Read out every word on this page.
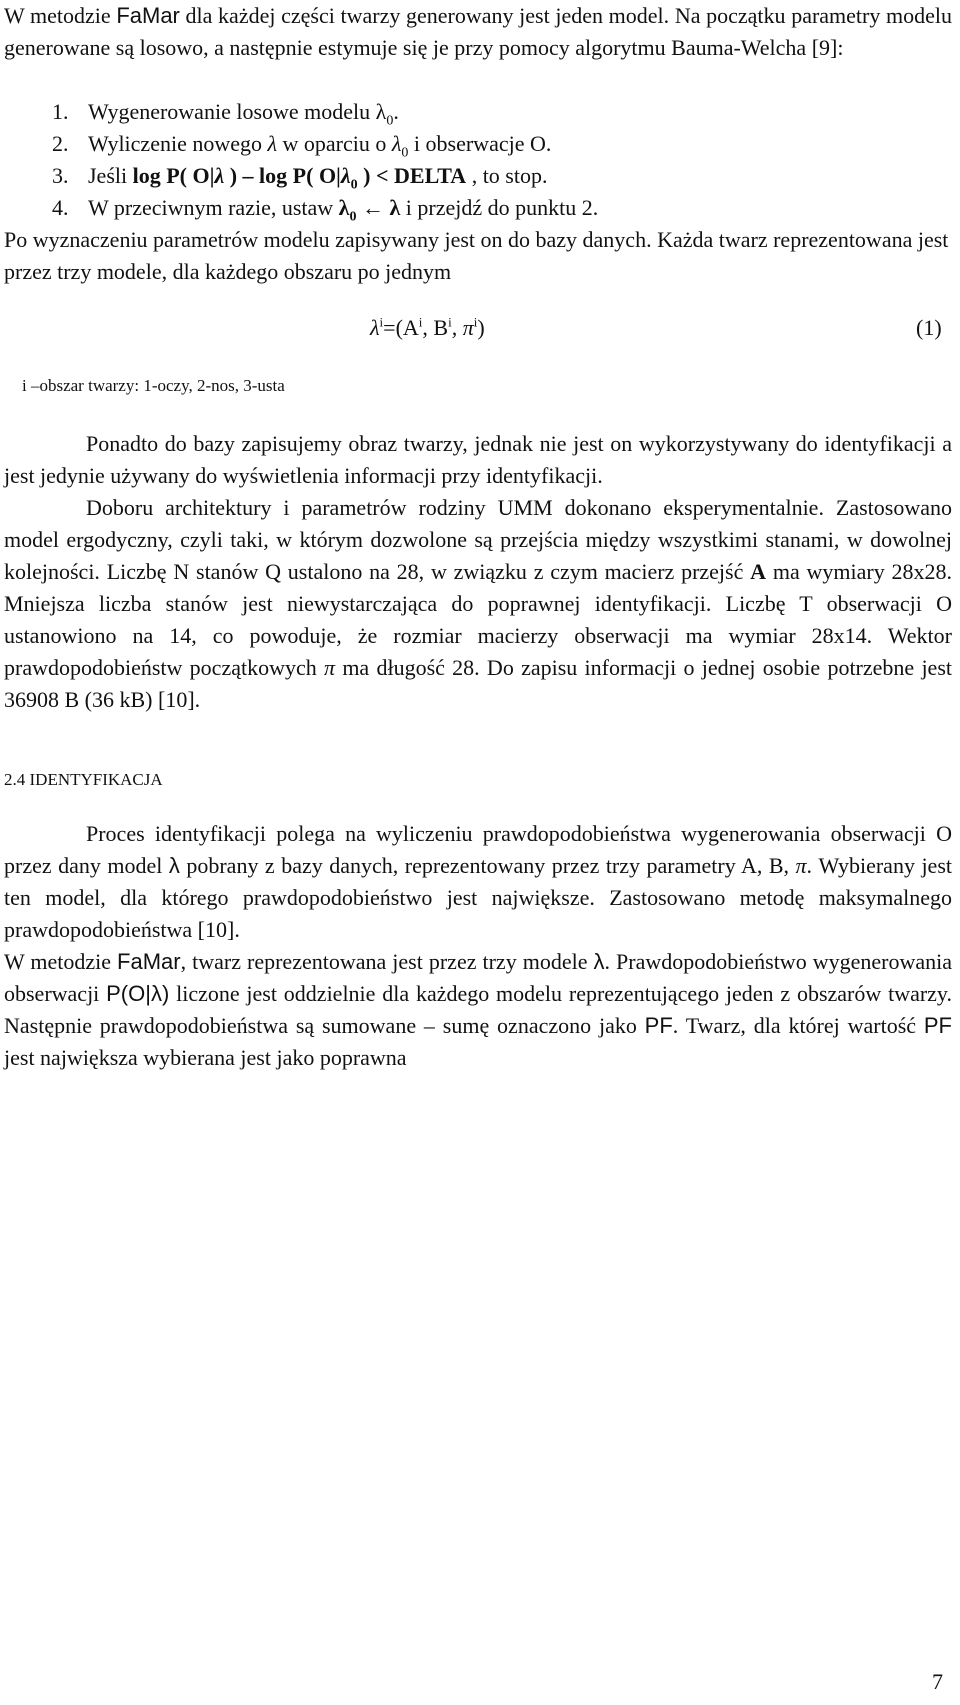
W metodzie FaMar dla każdej części twarzy generowany jest jeden model. Na początku parametry modelu generowane są losowo, a następnie estymuje się je przy pomocy algorytmu Bauma-Welcha [9]:

1. Wygenerowanie losowe modelu $\lambda_0$.
2. Wyliczenie nowego λ w oparciu o $\lambda_0$ i obserwacje O.
3. Jeśli log P( O|λ ) – log P( $O|\lambda_0$ ) < DELTA , to stop.
4. W przeciwnym razie, ustaw $\lambda_0$ ← λ i przejdź do punktu 2.

Po wyznaczeniu parametrów modelu zapisywany jest on do bazy danych. Każda twarz reprezentowana jest przez trzy modele, dla każdego obszaru po jednym

$\lambda^i=(A^i$, $B^i$, $\pi^i$)	(1)
i –obszar twarzy: 1-oczy, 2-nos, 3-usta

Ponadto do bazy zapisujemy obraz twarzy, jednak nie jest on wykorzystywany do identyfikacji a jest jedynie używany do wyświetlenia informacji przy identyfikacji.

Doboru architektury i parametrów rodziny UMM dokonano eksperymentalnie. Zastosowano model ergodyczny, czyli taki, w którym dozwolone są przejścia między wszystkimi stanami, w dowolnej kolejności. Liczbę N stanów Q ustalono na 28, w związku z czym macierz przejść A ma wymiary 28x28. Mniejsza liczba stanów jest niewystarczająca do poprawnej identyfikacji. Liczbę T obserwacji O ustanowiono na 14, co powoduje, że rozmiar macierzy obserwacji ma wymiar 28x14. Wektor prawdopodobieństw początkowych π ma długość 28. Do zapisu informacji o jednej osobie potrzebne jest 36908 B (36 kB) [10].

2.4 IDENTYFIKACJA

Proces identyfikacji polega na wyliczeniu prawdopodobieństwa wygenerowania obserwacji O przez dany model λ pobrany z bazy danych, reprezentowany przez trzy parametry A, B, π. Wybierany jest ten model, dla którego prawdopodobieństwo jest największe. Zastosowano metodę maksymalnego prawdopodobieństwa [10].

W metodzie FaMar, twarz reprezentowana jest przez trzy modele λ. Prawdopodobieństwo wygenerowania obserwacji P(O|λ) liczone jest oddzielnie dla każdego modelu reprezentującego jeden z obszarów twarzy. Następnie prawdopodobieństwa są sumowane – sumę oznaczono jako PF. Twarz, dla której wartość PF jest największa wybierana jest jako poprawna

7
